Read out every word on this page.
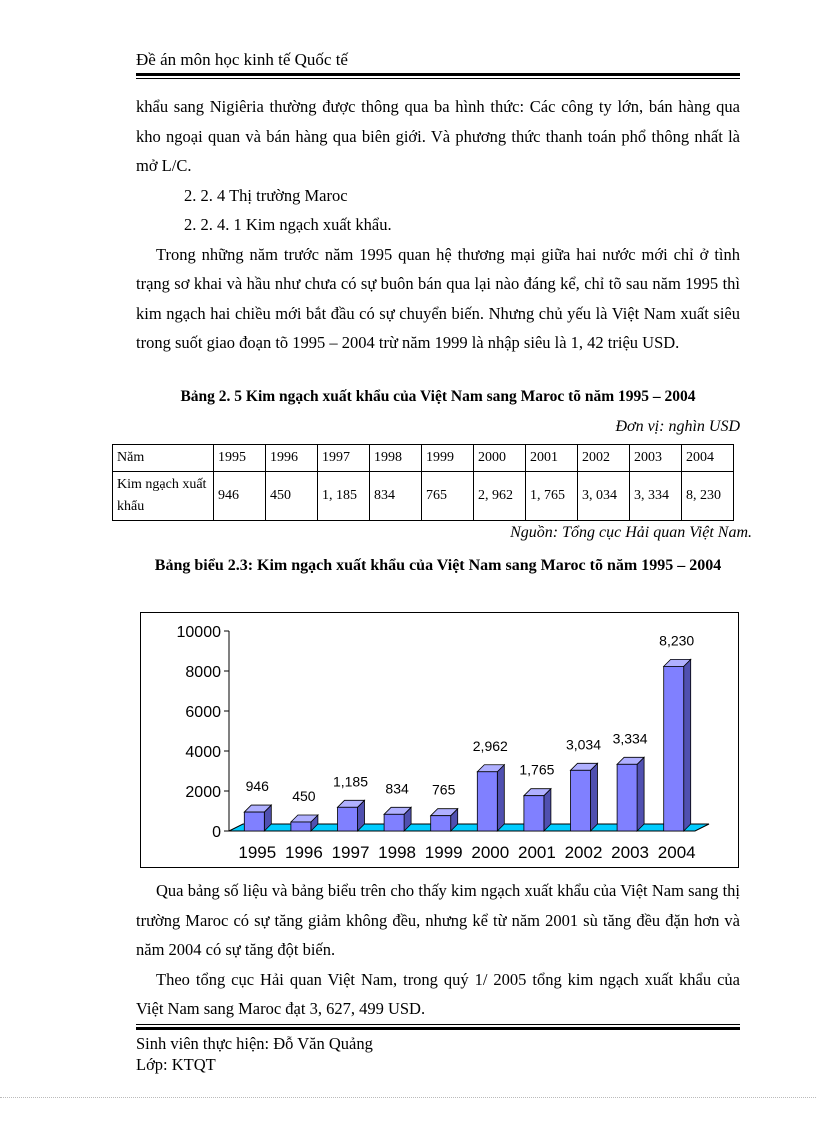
Đề án môn học kinh tế Quốc tế

khẩu sang Nigiêria thường được thông qua ba hình thức: Các công ty lớn, bán hàng qua kho ngoại quan và bán hàng qua biên giới. Và phương thức thanh toán phổ thông nhất là mở L/C.

2. 2. 4 Thị trường Maroc

2. 2. 4. 1 Kim ngạch xuất khẩu.

Trong những năm trước năm 1995 quan hệ thương mại giữa hai nước mới chỉ ở tình trạng sơ khai và hầu như chưa có sự buôn bán qua lại nào đáng kể, chỉ tõ sau năm 1995 thì kim ngạch hai chiều mới bắt đầu có sự chuyển biến. Nhưng chủ yếu là Việt Nam xuất siêu trong suốt giao đoạn tõ 1995 – 2004 trừ năm 1999 là nhập siêu là 1, 42 triệu USD.

Bảng 2. 5 Kim ngạch xuất khẩu của Việt Nam sang Maroc tõ năm 1995 – 2004
Đơn vị: nghìn USD
Năm	1995	1996	1997	1998	1999	2000	2001	2002	2003	2004
Kim ngạch xuất khẩu	946	450	1, 185	834	765	2, 962	1, 765	3, 034	3, 334	8, 230
Nguồn: Tổng cục Hải quan Việt Nam.
Bảng biểu 2.3: Kim ngạch xuất khẩu của Việt Nam sang Maroc tõ năm 1995 – 2004
0
2000
4000
6000
8000
10000
946
1995
450
1996
1,185
1997
834
1998
765
1999
2,962
2000
1,765
2001
3,034
2002
3,334
2003
8,230
2004

Qua bảng số liệu và bảng biểu trên cho thấy kim ngạch xuất khẩu của Việt Nam sang thị trường Maroc có sự tăng giảm không đều, nhưng kể từ năm 2001 sù tăng đều đặn hơn và năm 2004 có sự tăng đột biến.

Theo tổng cục Hải quan Việt Nam, trong quý 1/ 2005 tổng kim ngạch xuất khẩu của Việt Nam sang Maroc đạt 3, 627, 499 USD.

Sinh viên thực hiện: Đỗ Văn Quảng
Lớp: KTQT
